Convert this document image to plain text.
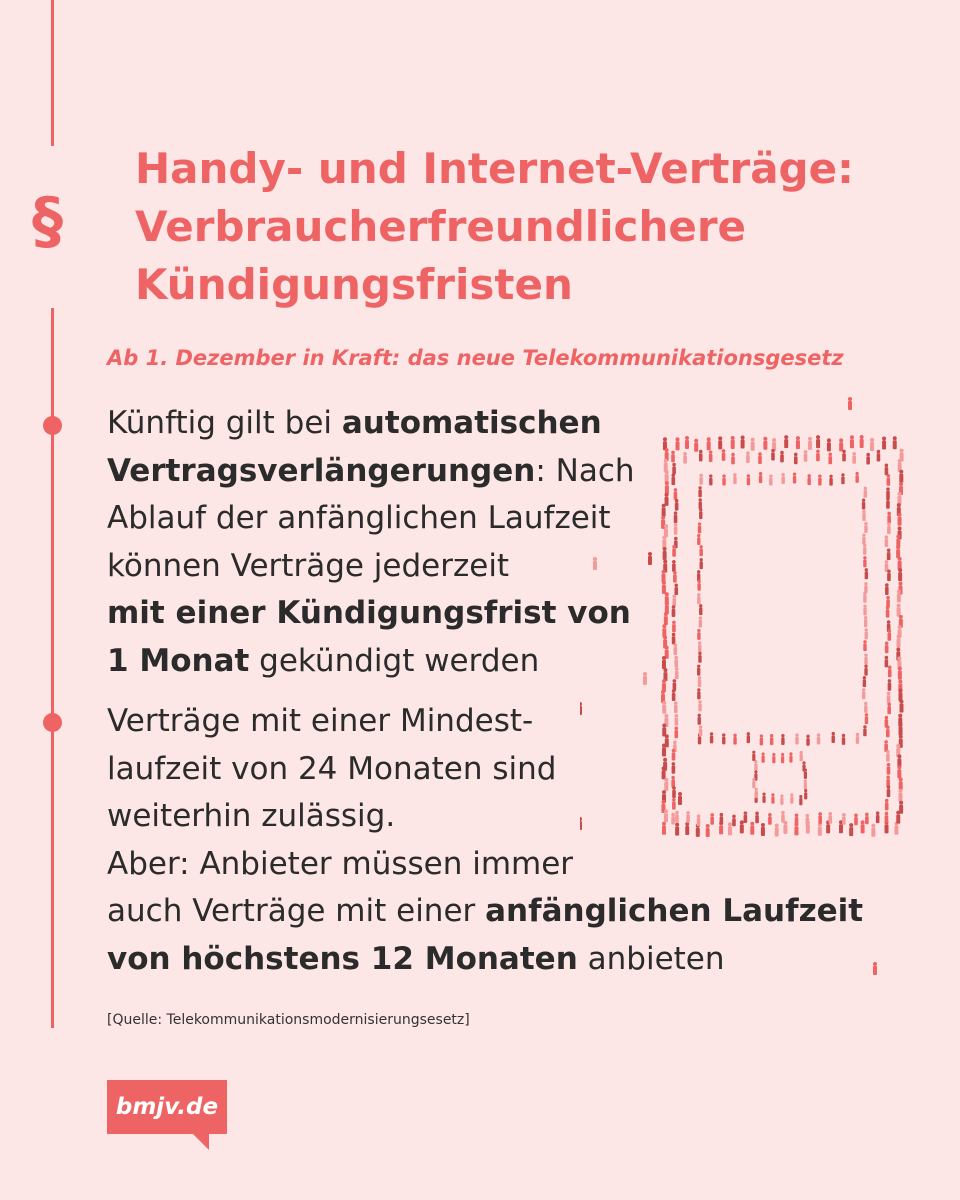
§
Handy- und Internet-Verträge:
Verbraucherfreundlichere
Kündigungsfristen

Ab 1. Dezember in Kraft: das neue Telekommunikationsgesetz

Künftig gilt bei automatischen
Vertragsverlängerungen: Nach
Ablauf der anfänglichen Laufzeit
können Verträge jederzeit
mit einer Kündigungsfrist von
1 Monat gekündigt werden

Verträge mit einer Mindest-
laufzeit von 24 Monaten sind
weiterhin zulässig.
Aber: Anbieter müssen immer
auch Verträge mit einer anfänglichen Laufzeit
von höchstens 12 Monaten anbieten

[Quelle: Telekommunikationsmodernisierungsesetz]

bmjv.de
